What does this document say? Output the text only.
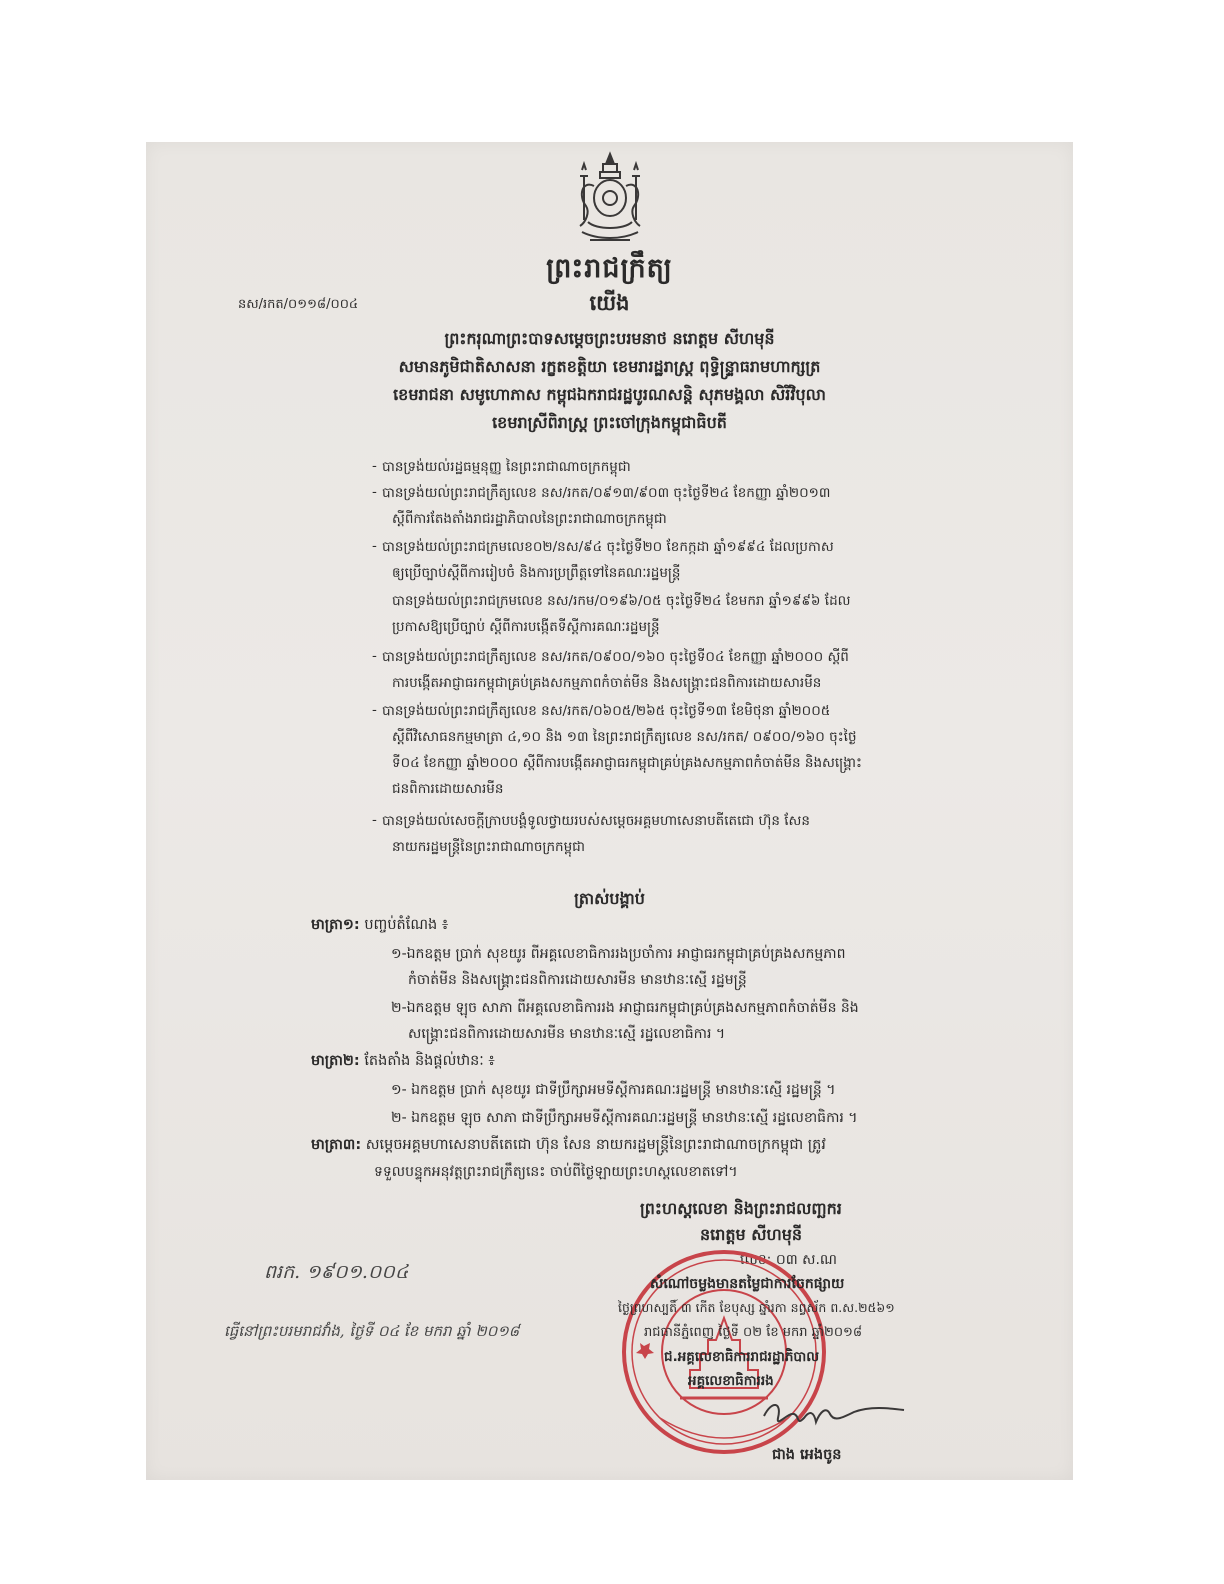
ព្រះរាជក្រឹត្យ
នស/រកត/០១១៨/០០៤	យើង
ព្រះករុណាព្រះបាទសម្តេចព្រះបរមនាថ នរោត្តម សីហមុនី
សមានភូមិជាតិសាសនា រក្ខតខត្តិយា ខេមរារដ្ឋរាស្ត្រ ពុទ្ធិន្ទ្រាធរាមហាក្សត្រ
ខេមរាជនា សមូហោភាស កម្ពុជឯករាជរដ្ឋបូរណសន្តិ សុភមង្គលា សិរីវិបុលា
ខេមរាស្រីពិរាស្ត្រ ព្រះចៅក្រុងកម្ពុជាធិបតី
- បានទ្រង់យល់រដ្ឋធម្មនុញ្ញ នៃព្រះរាជាណាចក្រកម្ពុជា
- បានទ្រង់យល់ព្រះរាជក្រឹត្យលេខ នស/រកត/០៩១៣/៩០៣ ចុះថ្ងៃទី២៤ ខែកញ្ញា ឆ្នាំ២០១៣
ស្តីពីការតែងតាំងរាជរដ្ឋាភិបាលនៃព្រះរាជាណាចក្រកម្ពុជា
- បានទ្រង់យល់ព្រះរាជក្រមលេខ០២/នស/៩៤ ចុះថ្ងៃទី២០ ខែកក្កដា ឆ្នាំ១៩៩៤ ដែលប្រកាស
ឲ្យប្រើច្បាប់ស្តីពីការរៀបចំ និងការប្រព្រឹត្តទៅនៃគណៈរដ្ឋមន្ត្រី
បានទ្រង់យល់ព្រះរាជក្រមលេខ នស/រកម/០១៩៦/០៥ ចុះថ្ងៃទី២៤ ខែមករា ឆ្នាំ១៩៩៦ ដែល
ប្រកាសឱ្យប្រើច្បាប់ ស្តីពីការបង្កើតទីស្តីការគណៈរដ្ឋមន្ត្រី
- បានទ្រង់យល់ព្រះរាជក្រឹត្យលេខ នស/រកត/០៩០០/១៦០ ចុះថ្ងៃទី០៤ ខែកញ្ញា ឆ្នាំ២០០០ ស្តីពី
ការបង្កើតអាជ្ញាធរកម្ពុជាគ្រប់គ្រងសកម្មភាពកំចាត់មីន និងសង្គ្រោះជនពិការដោយសារមីន
- បានទ្រង់យល់ព្រះរាជក្រឹត្យលេខ នស/រកត/០៦០៥/២៦៥ ចុះថ្ងៃទី១៣ ខែមិថុនា ឆ្នាំ២០០៥
ស្តីពីវិសោធនកម្មមាត្រា ៤,១០ និង ១៣ នៃព្រះរាជក្រឹត្យលេខ នស/រកត/ ០៩០០/១៦០ ចុះថ្ងៃ
ទី០៤ ខែកញ្ញា ឆ្នាំ២០០០ ស្តីពីការបង្កើតអាជ្ញាធរកម្ពុជាគ្រប់គ្រងសកម្មភាពកំចាត់មីន និងសង្គ្រោះ
ជនពិការដោយសារមីន
- បានទ្រង់យល់សេចក្តីក្រាបបង្គំទូលថ្វាយរបស់សម្តេចអគ្គមហាសេនាបតីតេជោ ហ៊ុន សែន
នាយករដ្ឋមន្ត្រីនៃព្រះរាជាណាចក្រកម្ពុជា
ត្រាស់បង្គាប់
មាត្រា១: បញ្ចប់តំណែង ៖
១-ឯកឧត្តម ប្រាក់ សុខយូរ ពីអគ្គលេខាធិការរងប្រចាំការ អាជ្ញាធរកម្ពុជាគ្រប់គ្រងសកម្មភាព
កំចាត់មីន និងសង្គ្រោះជនពិការដោយសារមីន មានឋានៈស្មើ រដ្ឋមន្ត្រី
២-ឯកឧត្តម ឡុច សាភា ពីអគ្គលេខាធិការរង អាជ្ញាធរកម្ពុជាគ្រប់គ្រងសកម្មភាពកំចាត់មីន និង
សង្គ្រោះជនពិការដោយសារមីន មានឋានៈស្មើ រដ្ឋលេខាធិការ ។
មាត្រា២: តែងតាំង និងផ្តល់ឋានៈ ៖
១- ឯកឧត្តម ប្រាក់ សុខយូរ ជាទីប្រឹក្សាអមទីស្តីការគណៈរដ្ឋមន្ត្រី មានឋានៈស្មើ រដ្ឋមន្ត្រី ។
២- ឯកឧត្តម ឡុច សាភា ជាទីប្រឹក្សាអមទីស្តីការគណៈរដ្ឋមន្ត្រី មានឋានៈស្មើ រដ្ឋលេខាធិការ ។
មាត្រា៣: សម្តេចអគ្គមហាសេនាបតីតេជោ ហ៊ុន សែន នាយករដ្ឋមន្ត្រីនៃព្រះរាជាណាចក្រកម្ពុជា ត្រូវ
ទទួលបន្ទុកអនុវត្តព្រះរាជក្រឹត្យនេះ ចាប់ពីថ្ងៃឡាយព្រះហស្តលេខាតទៅ។
ព្រះហស្តលេខា និងព្រះរាជលញ្ឆករ
នរោត្តម សីហមុនី
លេខ: ០៣ ស.ណ
ពរក. ១៩០១.០០៤
ធ្វើនៅព្រះបរមរាជវាំង, ថ្ងៃទី ០៤ ខែ មករា ឆ្នាំ ២០១៨
សំណៅចម្លងមានតម្លៃជាការចែកផ្សាយ
ថ្ងៃព្រហស្បតិ៍ ៣ កើត ខែបុស្ស ឆ្នាំរកា នព្វស័ក ព.ស.២៥៦១
រាជធានីភ្នំពេញ ថ្ងៃទី ០២ ខែ មករា ឆ្នាំ២០១៨
ជ.អគ្គលេខាធិការរាជរដ្ឋាភិបាល
អគ្គលេខាធិការរង
ជាង អេងចូន
